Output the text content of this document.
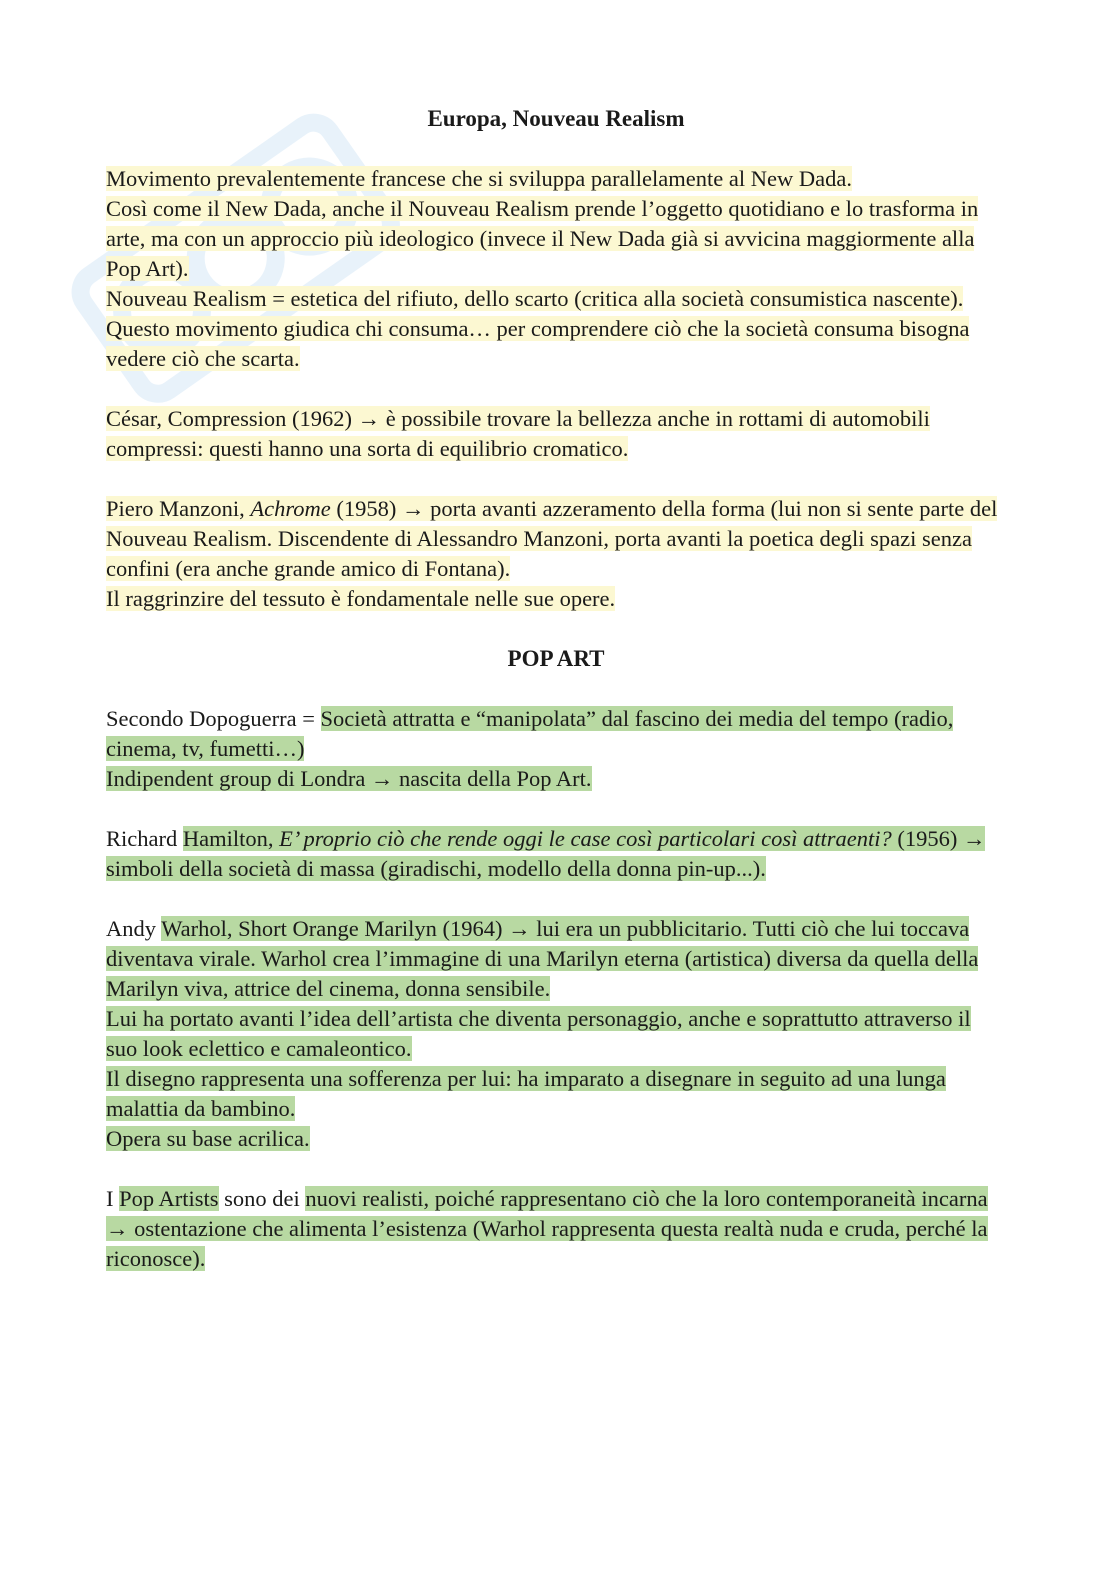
Europa, Nouveau Realism

Movimento prevalentemente francese che si sviluppa parallelamente al New Dada.
Così come il New Dada, anche il Nouveau Realism prende l’oggetto quotidiano e lo trasforma in arte, ma con un approccio più ideologico (invece il New Dada già si avvicina maggiormente alla Pop Art).
Nouveau Realism = estetica del rifiuto, dello scarto (critica alla società consumistica nascente). Questo movimento giudica chi consuma… per comprendere ciò che la società consuma bisogna vedere ciò che scarta.

César, Compression (1962) → è possibile trovare la bellezza anche in rottami di automobili compressi: questi hanno una sorta di equilibrio cromatico.

Piero Manzoni, Achrome (1958) → porta avanti azzeramento della forma (lui non si sente parte del Nouveau Realism. Discendente di Alessandro Manzoni, porta avanti la poetica degli spazi senza confini (era anche grande amico di Fontana).
Il raggrinzire del tessuto è fondamentale nelle sue opere.

POP ART

Secondo Dopoguerra = Società attratta e “manipolata” dal fascino dei media del tempo (radio, cinema, tv, fumetti…)
Indipendent group di Londra → nascita della Pop Art.

Richard Hamilton, E’ proprio ciò che rende oggi le case così particolari così attraenti? (1956) → simboli della società di massa (giradischi, modello della donna pin-up...).

Andy Warhol, Short Orange Marilyn (1964) → lui era un pubblicitario. Tutti ciò che lui toccava diventava virale. Warhol crea l’immagine di una Marilyn eterna (artistica) diversa da quella della Marilyn viva, attrice del cinema, donna sensibile.
Lui ha portato avanti l’idea dell’artista che diventa personaggio, anche e soprattutto attraverso il suo look eclettico e camaleontico.
Il disegno rappresenta una sofferenza per lui: ha imparato a disegnare in seguito ad una lunga malattia da bambino.
Opera su base acrilica.

I Pop Artists sono dei nuovi realisti, poiché rappresentano ciò che la loro contemporaneità incarna → ostentazione che alimenta l’esistenza (Warhol rappresenta questa realtà nuda e cruda, perché la riconosce).
